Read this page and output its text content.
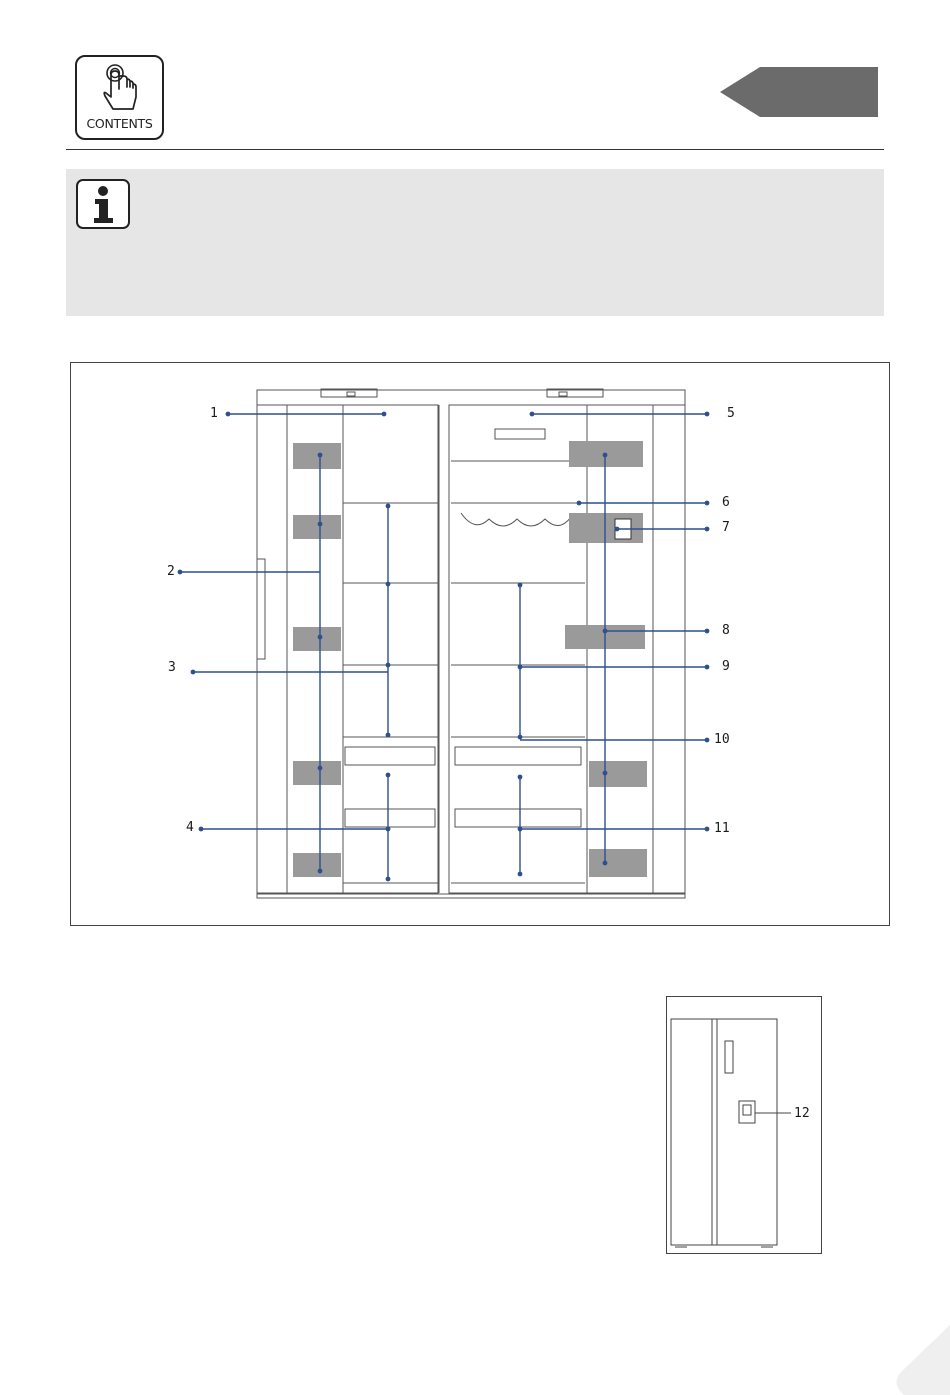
CONTENTS
1
2
3
4
5
6
7
8
9
10
11
12
